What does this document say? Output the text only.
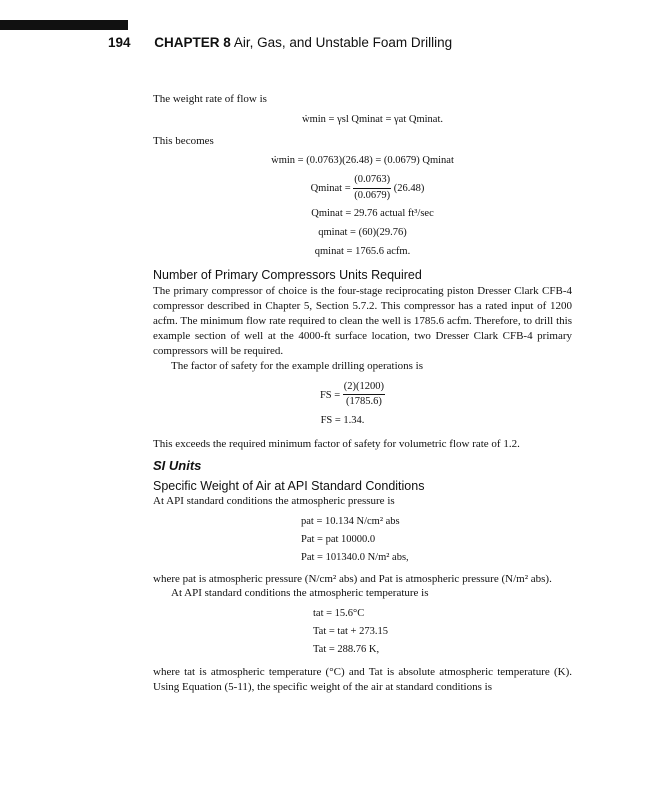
194 CHAPTER 8 Air, Gas, and Unstable Foam Drilling

The weight rate of flow is

ẇmin = γsl Qminat = γat Qminat.

This becomes

ẇmin = (0.0763)(26.48) = (0.0679) Qminat
Qminat = $\frac{(0.0763)}{(0.0679)} (26.48)$
Qminat = 29.76 actual ft³/sec
qminat = (60)(29.76)
qminat = 1765.6 acfm.
Number of Primary Compressors Units Required

The primary compressor of choice is the four-stage reciprocating piston Dresser Clark CFB-4 compressor described in Chapter 5, Section 5.7.2. This compressor has a rated input of 1200 acfm. The minimum flow rate required to clean the well is 1785.6 acfm. Therefore, to drill this example section of well at the 4000-ft surface location, two Dresser Clark CFB-4 primary compressors will be required.

The factor of safety for the example drilling operations is

FS = $\frac{(2)(1200)}{(1785.6)}$
FS = 1.34.

This exceeds the required minimum factor of safety for volumetric flow rate of 1.2.

SI Units
Specific Weight of Air at API Standard Conditions

At API standard conditions the atmospheric pressure is

pat = 10.134 N/cm² abs
Pat = pat 10000.0
Pat = 101340.0 N/m² abs,

where pat is atmospheric pressure (N/cm² abs) and Pat is atmospheric pressure (N/m² abs).

At API standard conditions the atmospheric temperature is

tat = 15.6°C
Tat = tat + 273.15
Tat = 288.76 K,

where tat is atmospheric temperature (°C) and Tat is absolute atmospheric temperature (K). Using Equation (5-11), the specific weight of the air at standard conditions is
